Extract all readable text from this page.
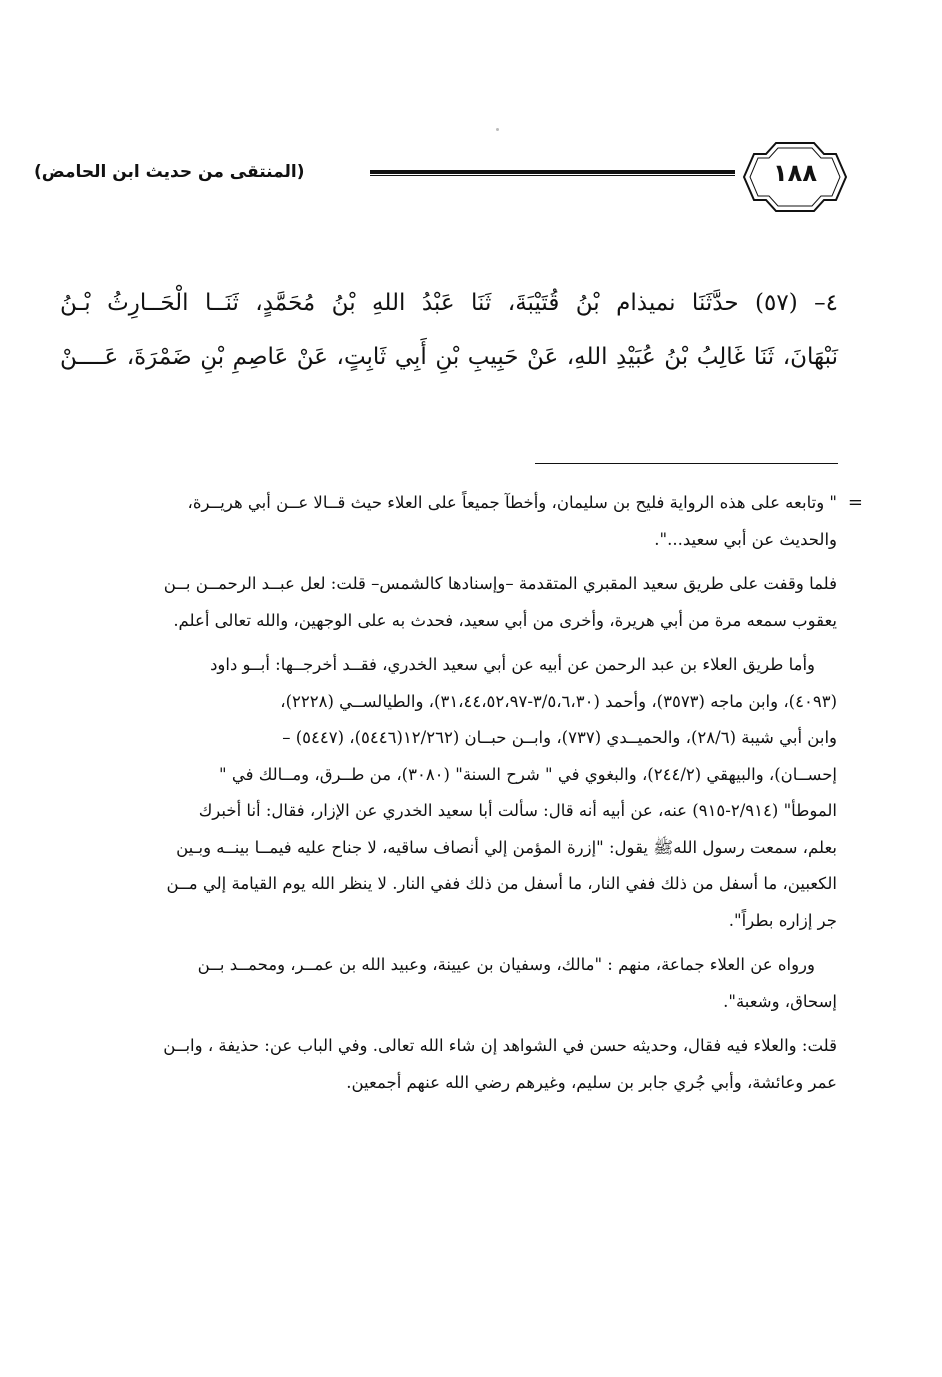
(المنتقى من حديث ابن الحامض)	١٨٨

٤– (٥٧) حدَّثَنَا نميذام بْنُ قُتَيْبَةَ، ثَنَا عَبْدُ اللهِ بْنُ مُحَمَّدٍ، ثَنَــا الْحَــارِثُ بْـنُ

نَبْهَانَ، ثَنَا غَالِبُ بْنُ عُبَيْدِ اللهِ، عَنْ حَبِيبِ بْنِ أَبِي ثَابِتٍ، عَنْ عَاصِمِ بْنِ ضَمْرَةَ، عَــــنْ

=

" وتابعه على هذه الرواية فليح بن سليمان، وأخطآ جميعاً على العلاء حيث قــالا عــن أبي هريــرة،

والحديث عن أبي سعيد...".

فلما وقفت على طريق سعيد المقبري المتقدمة –وإسنادها كالشمس– قلت: لعل عبــد الرحمــن بــن

يعقوب سمعه مرة من أبي هريرة، وأخرى من أبي سعيد، فحدث به على الوجهين، والله تعالى أعلم.

وأما طريق العلاء بن عبد الرحمن عن أبيه عن أبي سعيد الخدري، فقــد أخرجــها: أبــو داود

(٤٠٩٣)، وابن ماجه (٣٥٧٣)، وأحمد (٣/٥،٦،٣٠-٣١،٤٤،٥٢،٩٧)، والطيالســي (٢٢٢٨)،

وابن أبي شيبة (٢٨/٦)، والحميــدي (٧٣٧)، وابــن حبــان (١٢/٢٦٢(٥٤٤٦)، (٥٤٤٧) –

إحســان)، والبيهقي (٢٤٤/٢)، والبغوي في " شرح السنة" (٣٠٨٠)، من طــرق، ومــالك في "

الموطأ" (٢/٩١٤-٩١٥) عنه، عن أبيه أنه قال: سألت أبا سعيد الخدري عن الإزار، فقال: أنا أخبرك

بعلم، سمعت رسول اللهﷺ يقول: "إزرة المؤمن إلي أنصاف ساقيه، لا جناح عليه فيمــا بينــه وبـين

الكعبين، ما أسفل من ذلك ففي النار، ما أسفل من ذلك ففي النار. لا ينظر الله يوم القيامة إلي مــن

جر إزاره بطراً".

ورواه عن العلاء جماعة، منهم : "مالك، وسفيان بن عيينة، وعبيد الله بن عمــر، ومحمــد بــن

إسحاق، وشعبة".

قلت: والعلاء فيه فقال، وحديثه حسن في الشواهد إن شاء الله تعالى. وفي الباب عن: حذيفة ، وابــن

عمر وعائشة، وأبي جُري جابر بن سليم، وغيرهم رضي الله عنهم أجمعين.
